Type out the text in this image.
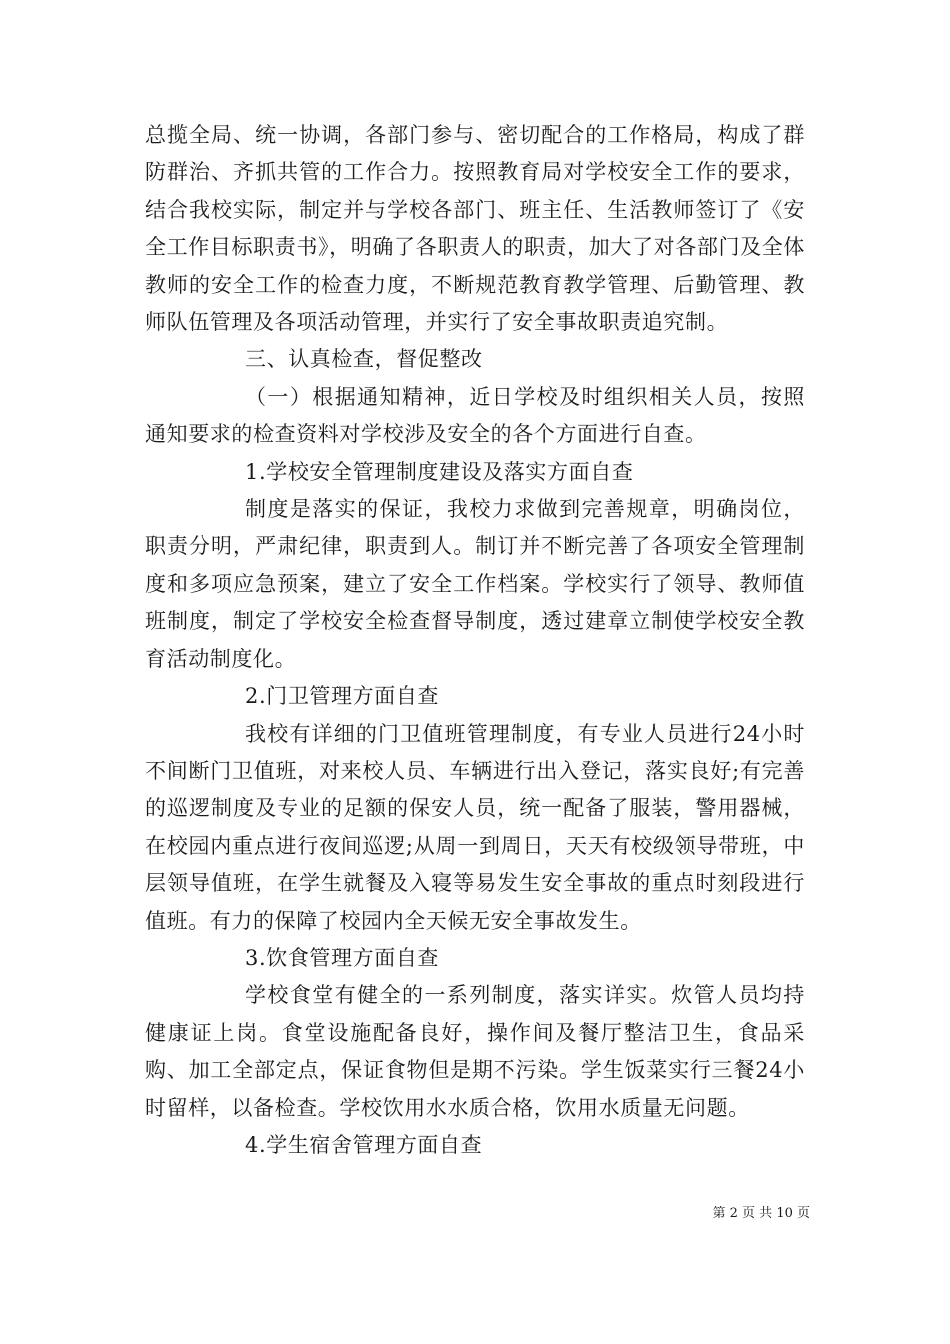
总揽全局、统一协调，各部门参与、密切配合的工作格局，构成了群防群治、齐抓共管的工作合力。按照教育局对学校安全工作的要求，结合我校实际，制定并与学校各部门、班主任、生活教师签订了《安全工作目标职责书》，明确了各职责人的职责，加大了对各部门及全体教师的安全工作的检查力度，不断规范教育教学管理、后勤管理、教师队伍管理及各项活动管理，并实行了安全事故职责追究制。

三、认真检查，督促整改

（一）根据通知精神，近日学校及时组织相关人员，按照通知要求的检查资料对学校涉及安全的各个方面进行自查。

1.学校安全管理制度建设及落实方面自查

制度是落实的保证，我校力求做到完善规章，明确岗位，职责分明，严肃纪律，职责到人。制订并不断完善了各项安全管理制度和多项应急预案，建立了安全工作档案。学校实行了领导、教师值班制度，制定了学校安全检查督导制度，透过建章立制使学校安全教育活动制度化。

2.门卫管理方面自查

我校有详细的门卫值班管理制度，有专业人员进行24小时不间断门卫值班，对来校人员、车辆进行出入登记，落实良好;有完善的巡逻制度及专业的足额的保安人员，统一配备了服装，警用器械，在校园内重点进行夜间巡逻;从周一到周日，天天有校级领导带班，中层领导值班，在学生就餐及入寝等易发生安全事故的重点时刻段进行值班。有力的保障了校园内全天候无安全事故发生。

3.饮食管理方面自查

学校食堂有健全的一系列制度，落实详实。炊管人员均持健康证上岗。食堂设施配备良好，操作间及餐厅整洁卫生，食品采购、加工全部定点，保证食物但是期不污染。学生饭菜实行三餐24小时留样，以备检查。学校饮用水水质合格，饮用水质量无问题。

4.学生宿舍管理方面自查

第 2 页 共 10 页
